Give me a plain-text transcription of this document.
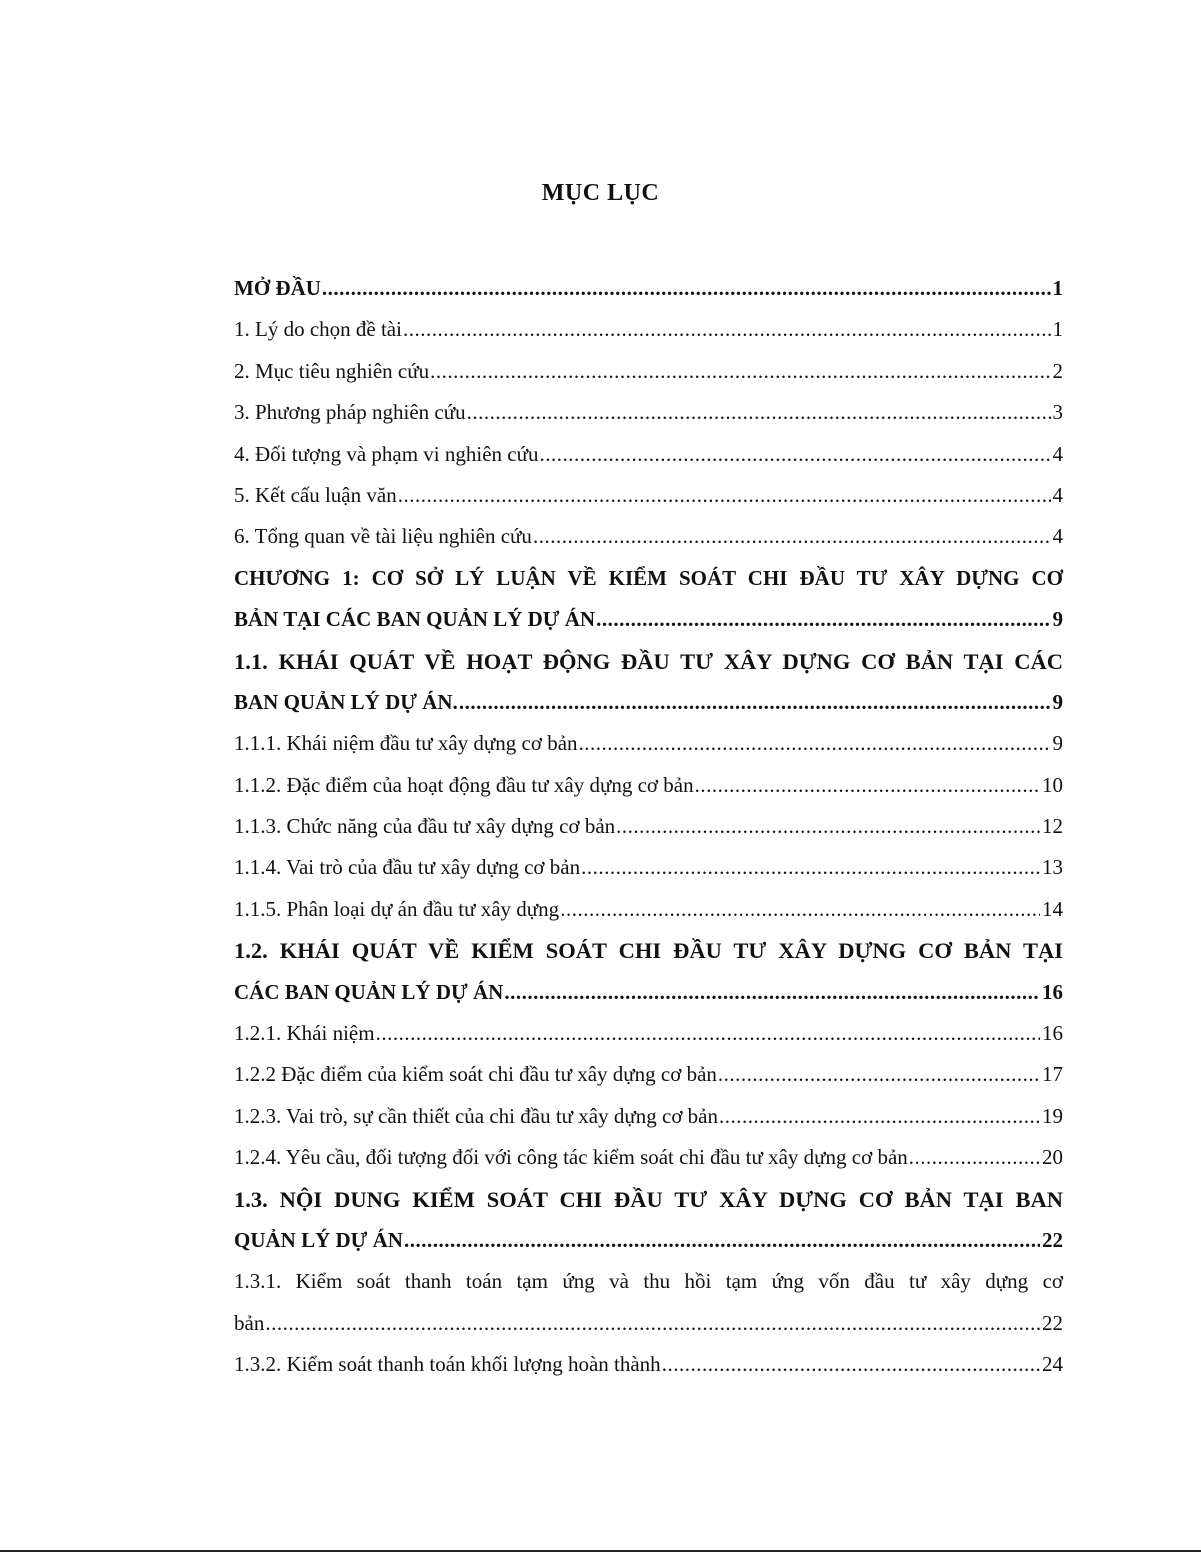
MỤC LỤC
MỞ ĐẦU .....	1
1. Lý do chọn đề tài .....	1
2. Mục tiêu nghiên cứu .....	2
3. Phương pháp nghiên cứu .....	3
4. Đối tượng và phạm vi nghiên cứu .....	4
5. Kết cấu luận văn .....	4
6. Tổng quan về tài liệu nghiên cứu .....	4
CHƯƠNG 1: CƠ SỞ LÝ LUẬN VỀ KIỂM SOÁT CHI ĐẦU TƯ XÂY DỰNG CƠ
BẢN TẠI CÁC BAN QUẢN LÝ DỰ ÁN .....	9
1.1. KHÁI QUÁT VỀ HOẠT ĐỘNG ĐẦU TƯ XÂY DỰNG CƠ BẢN TẠI CÁC
BAN QUẢN LÝ DỰ ÁN. .....	9
1.1.1. Khái niệm đầu tư xây dựng cơ bản .....	9
1.1.2. Đặc điểm của hoạt động đầu tư xây dựng cơ bản .....	10
1.1.3. Chức năng của đầu tư xây dựng cơ bản .....	12
1.1.4. Vai trò của đầu tư xây dựng cơ bản .....	13
1.1.5. Phân loại dự án đầu tư xây dựng .....	14
1.2. KHÁI QUÁT VỀ KIỂM SOÁT CHI ĐẦU TƯ XÂY DỰNG CƠ BẢN TẠI
CÁC BAN QUẢN LÝ DỰ ÁN .....	16
1.2.1. Khái niệm .....	16
1.2.2 Đặc điểm của kiểm soát chi đầu tư xây dựng cơ bản .....	17
1.2.3. Vai trò, sự cần thiết của chi đầu tư xây dựng cơ bản .....	19
1.2.4. Yêu cầu, đối tượng đối với công tác kiểm soát chi đầu tư xây dựng cơ bản .....	20
1.3. NỘI DUNG KIỂM SOÁT CHI ĐẦU TƯ XÂY DỰNG CƠ BẢN TẠI BAN
QUẢN LÝ DỰ ÁN .....	22
1.3.1. Kiểm soát thanh toán tạm ứng và thu hồi tạm ứng vốn đầu tư xây dựng cơ
bản .....	22
1.3.2. Kiểm soát thanh toán khối lượng hoàn thành .....	24
